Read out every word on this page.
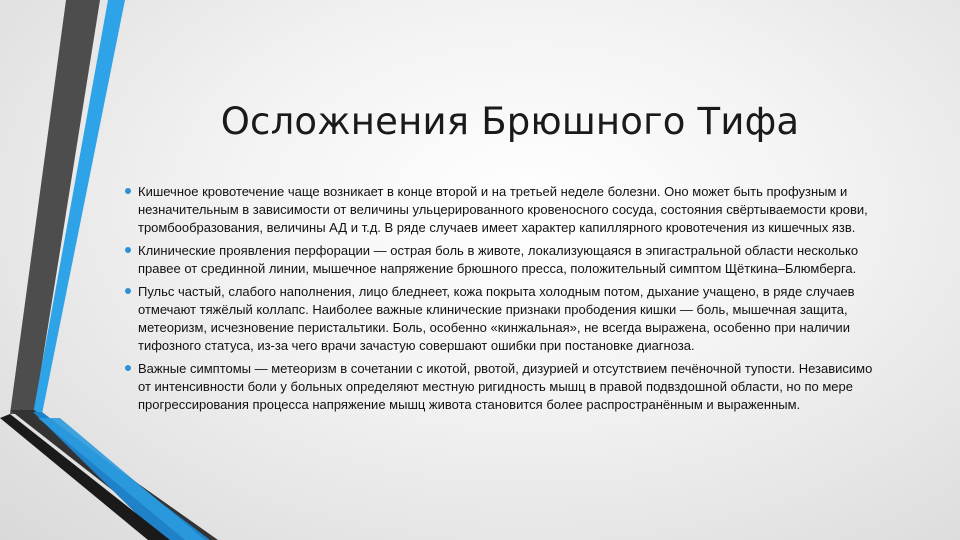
Осложнения Брюшного Тифа
Кишечное кровотечение чаще возникает в конце второй и на третьей неделе болезни. Оно может быть профузным и незначительным в зависимости от величины ульцерированного кровеносного сосуда, состояния свёртываемости крови, тромбообразования, величины АД и т.д. В ряде случаев имеет характер капиллярного кровотечения из кишечных язв.
Клинические проявления перфорации — острая боль в животе, локализующаяся в эпигастральной области несколько правее от срединной линии, мышечное напряжение брюшного пресса, положительный симптом Щёткина–Блюмберга.
Пульс частый, слабого наполнения, лицо бледнеет, кожа покрыта холодным потом, дыхание учащено, в ряде случаев отмечают тяжёлый коллапс. Наиболее важные клинические признаки прободения кишки — боль, мышечная защита, метеоризм, исчезновение перистальтики. Боль, особенно «кинжальная», не всегда выражена, особенно при наличии тифозного статуса, из-за чего врачи зачастую совершают ошибки при постановке диагноза.
Важные симптомы — метеоризм в сочетании с икотой, рвотой, дизурией и отсутствием печёночной тупости. Независимо от интенсивности боли у больных определяют местную ригидность мышц в правой подвздошной области, но по мере прогрессирования процесса напряжение мышц живота становится более распространённым и выраженным.
